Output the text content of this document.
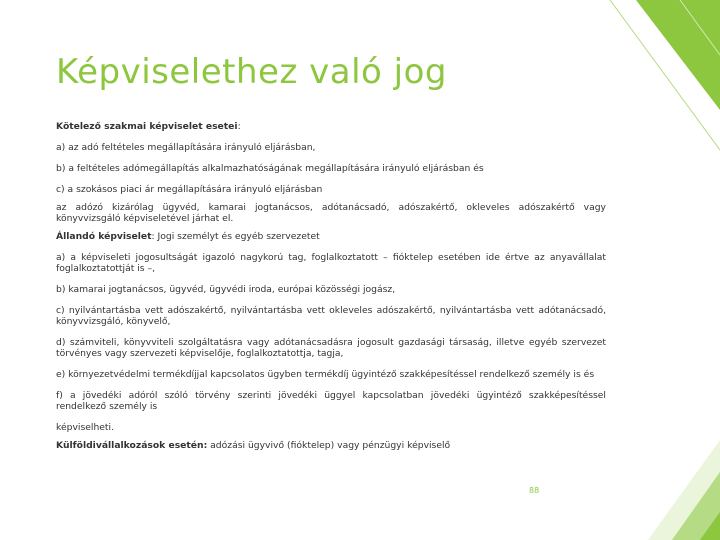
Képviselethez való jog

Kötelező szakmai képviselet esetei:

a) az adó feltételes megállapítására irányuló eljárásban,

b) a feltételes adómegállapítás alkalmazhatóságának megállapítására irányuló eljárásban és

c) a szokásos piaci ár megállapítására irányuló eljárásban

az adózó kizárólag ügyvéd, kamarai jogtanácsos, adótanácsadó, adószakértő, okleveles adószakértő vagy könyvvizsgáló képviseletével járhat el.

Állandó képviselet: Jogi személyt és egyéb szervezetet

a) a képviseleti jogosultságát igazoló nagykorú tag, foglalkoztatott – fióktelep esetében ide értve az anyavállalat foglalkoztatottját is –,

b) kamarai jogtanácsos, ügyvéd, ügyvédi iroda, európai közösségi jogász,

c) nyilvántartásba vett adószakértő, nyilvántartásba vett okleveles adószakértő, nyilvántartásba vett adótanácsadó, könyvvizsgáló, könyvelő,

d) számviteli, könyvviteli szolgáltatásra vagy adótanácsadásra jogosult gazdasági társaság, illetve egyéb szervezet törvényes vagy szervezeti képviselője, foglalkoztatottja, tagja,

e) környezetvédelmi termékdíjjal kapcsolatos ügyben termékdíj ügyintéző szakképesítéssel rendelkező személy is és

f) a jövedéki adóról szóló törvény szerinti jövedéki üggyel kapcsolatban jövedéki ügyintéző szakképesítéssel rendelkező személy is

képviselheti.

Külföldivállalkozások esetén: adózási ügyvivő (fióktelep) vagy pénzügyi képviselő

88
